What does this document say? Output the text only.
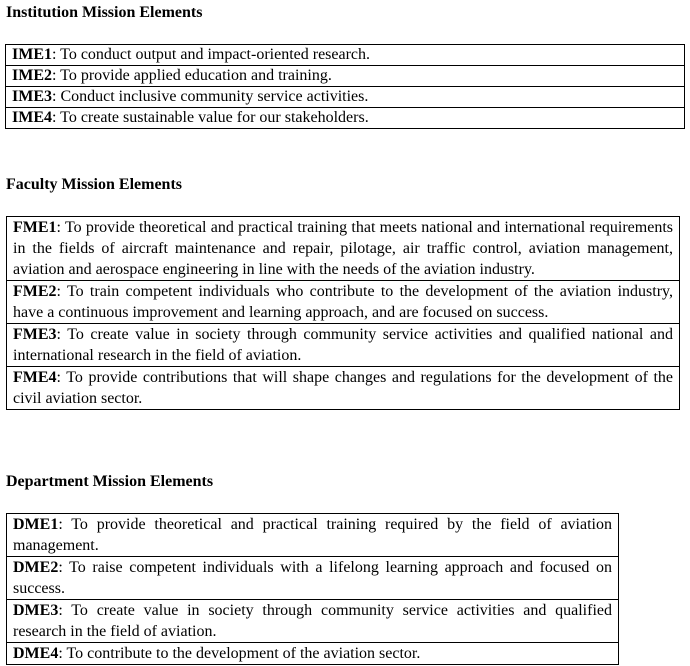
Institution Mission Elements
IME1: To conduct output and impact-oriented research.
IME2: To provide applied education and training.
IME3: Conduct inclusive community service activities.
IME4: To create sustainable value for our stakeholders.
Faculty Mission Elements
FME1: To provide theoretical and practical training that meets national and international requirements in the fields of aircraft maintenance and repair, pilotage, air traffic control, aviation management, aviation and aerospace engineering in line with the needs of the aviation industry.
FME2: To train competent individuals who contribute to the development of the aviation industry, have a continuous improvement and learning approach, and are focused on success.
FME3: To create value in society through community service activities and qualified national and international research in the field of aviation.
FME4: To provide contributions that will shape changes and regulations for the development of the civil aviation sector.
Department Mission Elements
DME1: To provide theoretical and practical training required by the field of aviation management.
DME2: To raise competent individuals with a lifelong learning approach and focused on success.
DME3: To create value in society through community service activities and qualified research in the field of aviation.
DME4: To contribute to the development of the aviation sector.
